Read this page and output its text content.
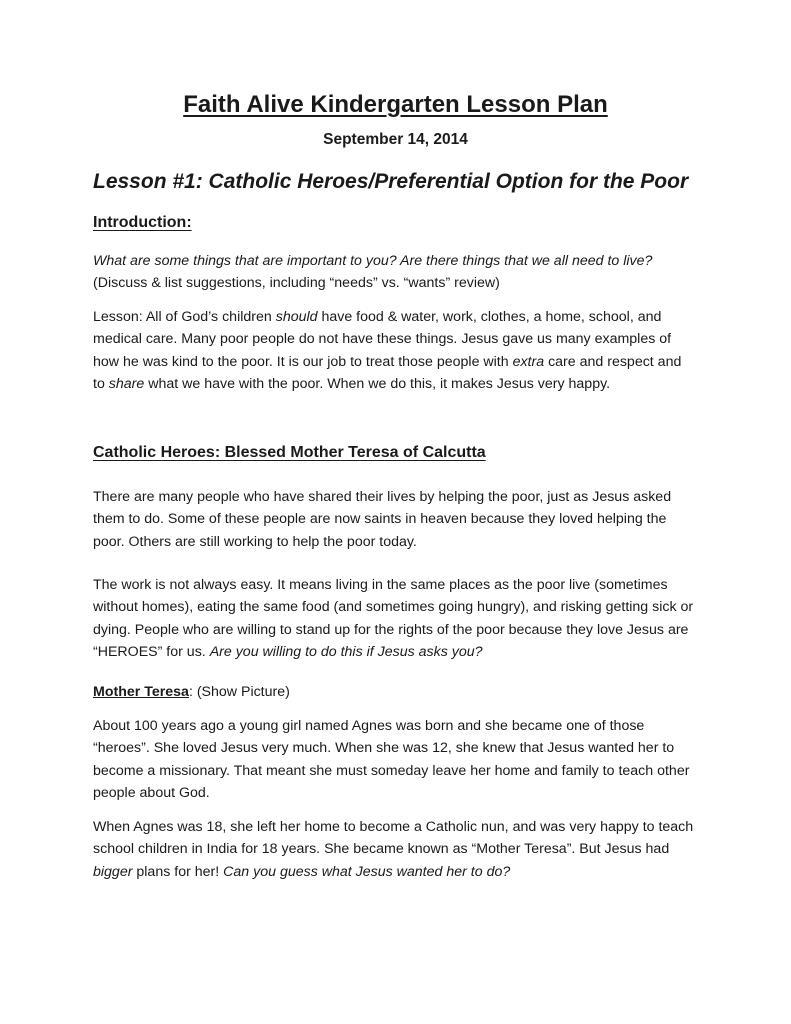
Faith Alive Kindergarten Lesson Plan
September 14, 2014
Lesson #1: Catholic Heroes/Preferential Option for the Poor
Introduction:

What are some things that are important to you? Are there things that we all need to live?
(Discuss & list suggestions, including “needs” vs. “wants” review)

Lesson: All of God’s children should have food & water, work, clothes, a home, school, and
medical care. Many poor people do not have these things. Jesus gave us many examples of
how he was kind to the poor. It is our job to treat those people with extra care and respect and
to share what we have with the poor. When we do this, it makes Jesus very happy.

Catholic Heroes: Blessed Mother Teresa of Calcutta

There are many people who have shared their lives by helping the poor, just as Jesus asked
them to do. Some of these people are now saints in heaven because they loved helping the
poor. Others are still working to help the poor today.

The work is not always easy. It means living in the same places as the poor live (sometimes
without homes), eating the same food (and sometimes going hungry), and risking getting sick or
dying. People who are willing to stand up for the rights of the poor because they love Jesus are
“HEROES” for us. Are you willing to do this if Jesus asks you?

Mother Teresa: (Show Picture)

About 100 years ago a young girl named Agnes was born and she became one of those
“heroes”. She loved Jesus very much. When she was 12, she knew that Jesus wanted her to
become a missionary. That meant she must someday leave her home and family to teach other
people about God.

When Agnes was 18, she left her home to become a Catholic nun, and was very happy to teach
school children in India for 18 years. She became known as “Mother Teresa”. But Jesus had
bigger plans for her! Can you guess what Jesus wanted her to do?
